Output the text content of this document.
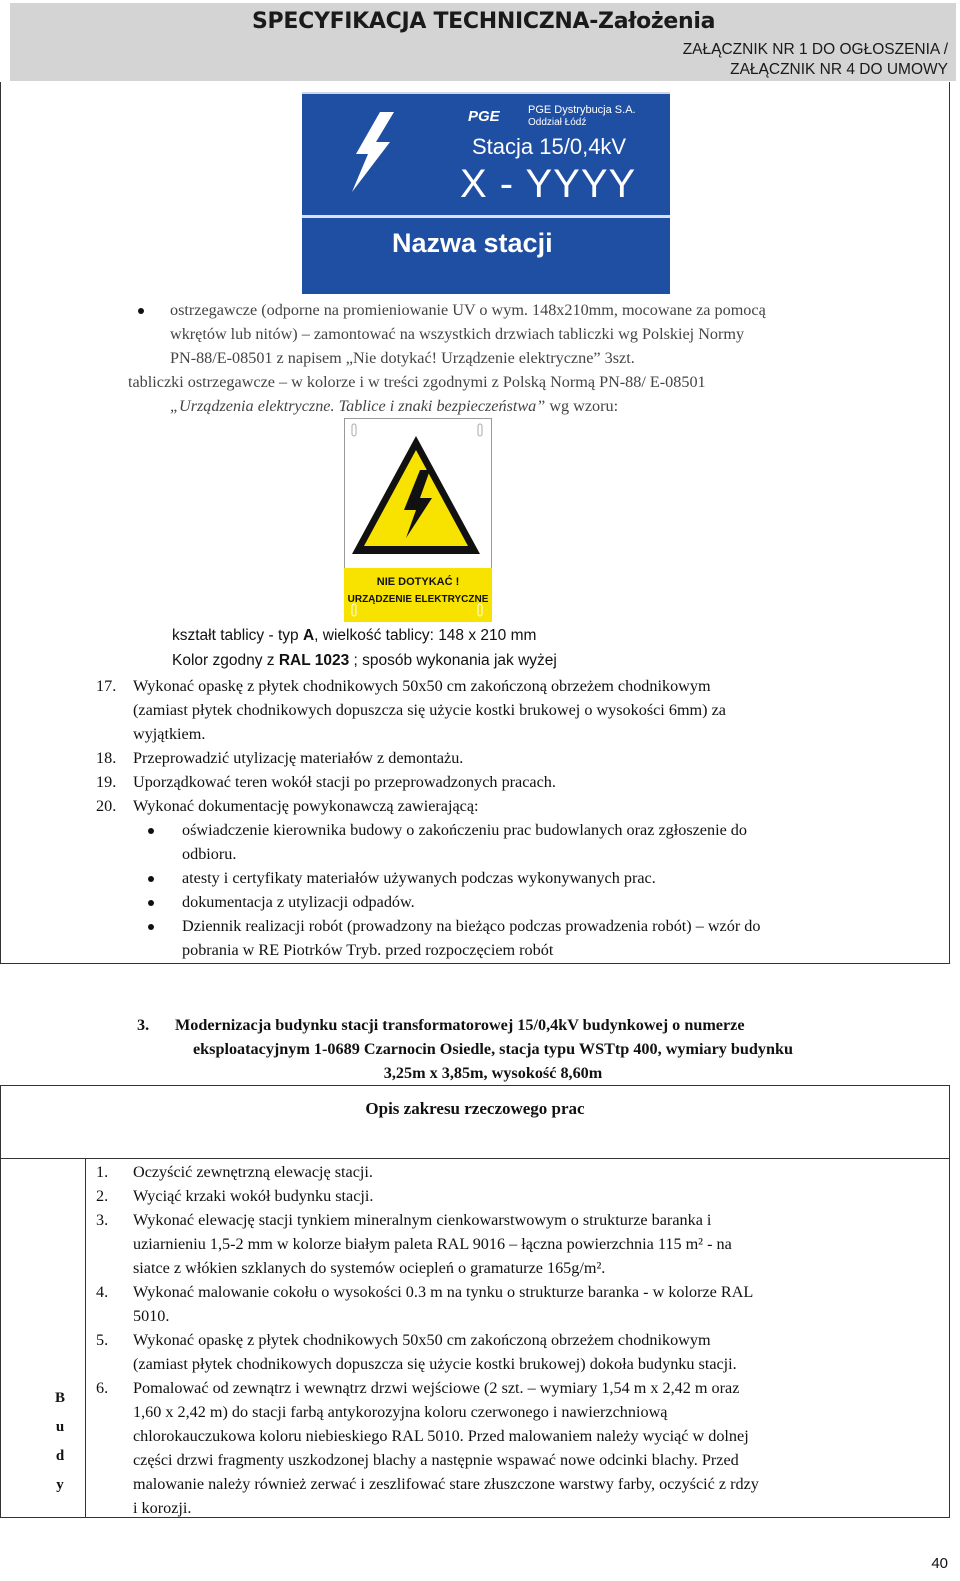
SPECYFIKACJA TECHNICZNA-Założenia
ZAŁĄCZNIK NR 1 DO OGŁOSZENIA /
ZAŁĄCZNIK NR 4 DO UMOWY
PGE	PGE Dystrybucja S.A.
Oddział Łódź
Stacja 15/0,4kV
X - YYYY
Nazwa stacji
ostrzegawcze (odporne na promieniowanie UV o wym. 148x210mm, mocowane za pomocą
wkrętów lub nitów) – zamontować na wszystkich drzwiach tabliczki wg Polskiej Normy
PN-88/E-08501 z napisem „Nie dotykać! Urządzenie elektryczne” 3szt.
tabliczki ostrzegawcze – w kolorze i w treści zgodnymi z Polską Normą PN-88/ E-08501
„Urządzenia elektryczne. Tablice i znaki bezpieczeństwa” wg wzoru:
NIE DOTYKAĆ !
URZĄDZENIE ELEKTRYCZNE
kształt tablicy - typ A, wielkość tablicy: 148 x 210 mm
Kolor zgodny z RAL 1023 ; sposób wykonania jak wyżej
17. Wykonać opaskę z płytek chodnikowych 50x50 cm zakończoną obrzeżem chodnikowym
(zamiast płytek chodnikowych dopuszcza się użycie kostki brukowej o wysokości 6mm) za
wyjątkiem.
18. Przeprowadzić utylizację materiałów z demontażu.
19. Uporządkować teren wokół stacji po przeprowadzonych pracach.
20. Wykonać dokumentację powykonawczą zawierającą:
oświadczenie kierownika budowy o zakończeniu prac budowlanych oraz zgłoszenie do
odbioru.
atesty i certyfikaty materiałów używanych podczas wykonywanych prac.
dokumentacja z utylizacji odpadów.
Dziennik realizacji robót (prowadzony na bieżąco podczas prowadzenia robót) – wzór do
pobrania w RE Piotrków Tryb. przed rozpoczęciem robót
3.	Modernizacja budynku stacji transformatorowej 15/0,4kV budynkowej o numerze
eksploatacyjnym 1-0689 Czarnocin Osiedle, stacja typu WSTtp 400, wymiary budynku
3,25m x 3,85m, wysokość 8,60m
Opis zakresu rzeczowego prac
B
u
d
y
1. Oczyścić zewnętrzną elewację stacji.
2. Wyciąć krzaki wokół budynku stacji.
3. Wykonać elewację stacji tynkiem mineralnym cienkowarstwowym o strukturze baranka i
uziarnieniu 1,5-2 mm w kolorze białym paleta RAL 9016 – łączna powierzchnia 115 m² - na
siatce z włókien szklanych do systemów ociepleń o gramaturze 165g/m².
4. Wykonać malowanie cokołu o wysokości 0.3 m na tynku o strukturze baranka - w kolorze RAL
5010.
5. Wykonać opaskę z płytek chodnikowych 50x50 cm zakończoną obrzeżem chodnikowym
(zamiast płytek chodnikowych dopuszcza się użycie kostki brukowej) dokoła budynku stacji.
6. Pomalować od zewnątrz i wewnątrz drzwi wejściowe (2 szt. – wymiary 1,54 m x 2,42 m oraz
1,60 x 2,42 m) do stacji farbą antykorozyjna koloru czerwonego i nawierzchniową
chlorokauczukowa koloru niebieskiego RAL 5010. Przed malowaniem należy wyciąć w dolnej
części drzwi fragmenty uszkodzonej blachy a następnie wspawać nowe odcinki blachy. Przed
malowanie należy również zerwać i zeszlifować stare złuszczone warstwy farby, oczyścić z rdzy
i korozji.
40
